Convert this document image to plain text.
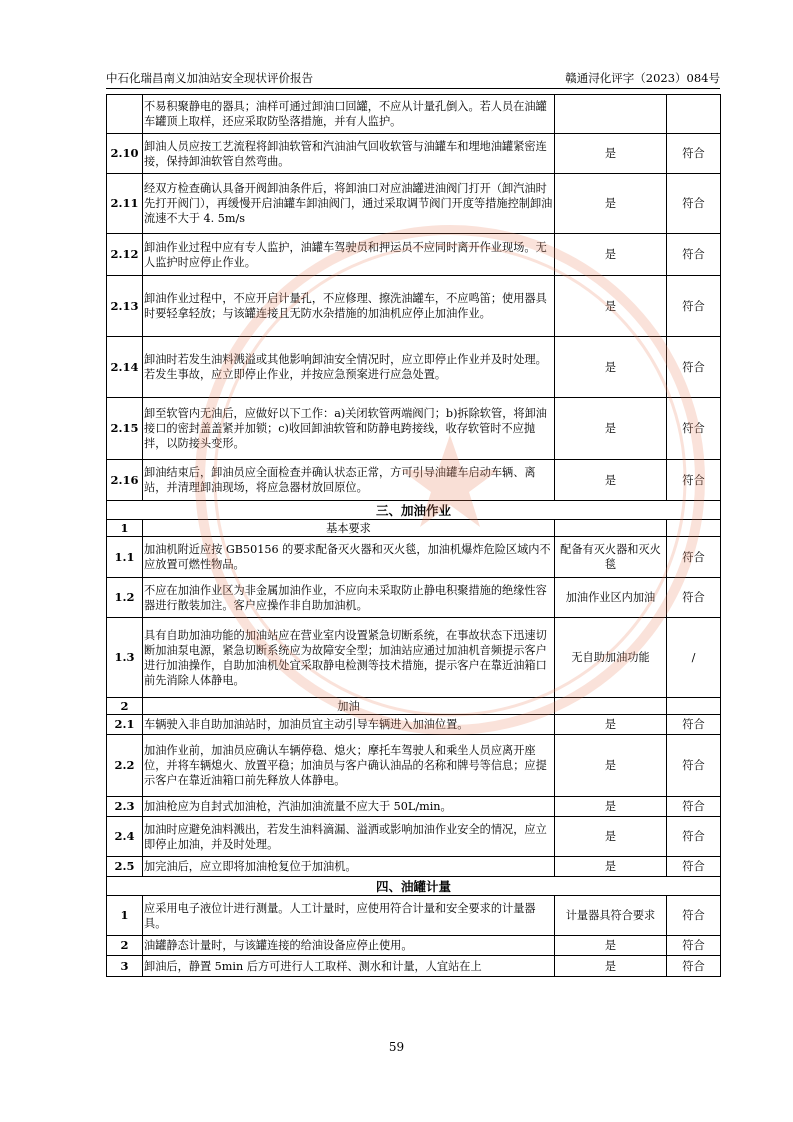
中石化瑞昌南义加油站安全现状评价报告	赣通浔化评字（2023）084号
	不易积聚静电的器具；油样可通过卸油口回罐，不应从计量孔倒入。若人员在油罐车罐顶上取样，还应采取防坠落措施，并有人监护。		
2.10	卸油人员应按工艺流程将卸油软管和汽油油气回收软管与油罐车和埋地油罐紧密连接，保持卸油软管自然弯曲。	是	符合
2.11	经双方检查确认具备开阀卸油条件后，将卸油口对应油罐进油阀门打开（卸汽油时先打开阀门），再缓慢开启油罐车卸油阀门，通过采取调节阀门开度等措施控制卸油流速不大于 4. 5m/s	是	符合
2.12	卸油作业过程中应有专人监护，油罐车驾驶员和押运员不应同时离开作业现场。无人监护时应停止作业。	是	符合
2.13	卸油作业过程中，不应开启计量孔，不应修理、擦洗油罐车，不应鸣笛；使用器具时要轻拿轻放；与该罐连接且无防水杂措施的加油机应停止加油作业。	是	符合
2.14	卸油时若发生油料溅溢或其他影响卸油安全情况时，应立即停止作业并及时处理。若发生事故，应立即停止作业，并按应急预案进行应急处置。	是	符合
2.15	卸至软管内无油后，应做好以下工作：a)关闭软管两端阀门；b)拆除软管，将卸油接口的密封盖盖紧并加锁；c)收回卸油软管和防静电跨接线，收存软管时不应抛拌，以防接头变形。	是	符合
2.16	卸油结束后，卸油员应全面检查并确认状态正常，方可引导油罐车启动车辆、离站，并清理卸油现场，将应急器材放回原位。	是	符合
三、加油作业			
1	基本要求		
1.1	加油机附近应按 GB50156 的要求配备灭火器和灭火毯，加油机爆炸危险区域内不应放置可燃性物品。	配备有灭火器和灭火毯	符合
1.2	不应在加油作业区为非金属加油作业，不应向未采取防止静电积聚措施的绝缘性容器进行散装加注。客户应操作非自助加油机。	加油作业区内加油	符合
1.3	具有自助加油功能的加油站应在营业室内设置紧急切断系统，在事故状态下迅速切断加油泵电源，紧急切断系统应为故障安全型；加油站应通过加油机音频提示客户进行加油操作，自助加油机处宜采取静电检测等技术措施，提示客户在靠近油箱口前先消除人体静电。	无自助加油功能	/
2	加油		
2.1	车辆驶入非自助加油站时，加油员宜主动引导车辆进入加油位置。	是	符合
2.2	加油作业前，加油员应确认车辆停稳、熄火；摩托车驾驶人和乘坐人员应离开座位，并将车辆熄火、放置平稳；加油员与客户确认油品的名称和牌号等信息；应提示客户在靠近油箱口前先释放人体静电。	是	符合
2.3	加油枪应为自封式加油枪，汽油加油流量不应大于 50L/min。	是	符合
2.4	加油时应避免油料溅出，若发生油料滴漏、溢洒或影响加油作业安全的情况，应立即停止加油，并及时处理。	是	符合
2.5	加完油后，应立即将加油枪复位于加油机。	是	符合
四、油罐计量			
1	应采用电子液位计进行测量。人工计量时，应使用符合计量和安全要求的计量器具。	计量器具符合要求	符合
2	油罐静态计量时，与该罐连接的给油设备应停止使用。	是	符合
3	卸油后，静置 5min 后方可进行人工取样、测水和计量，人宜站在上	是	符合
59
